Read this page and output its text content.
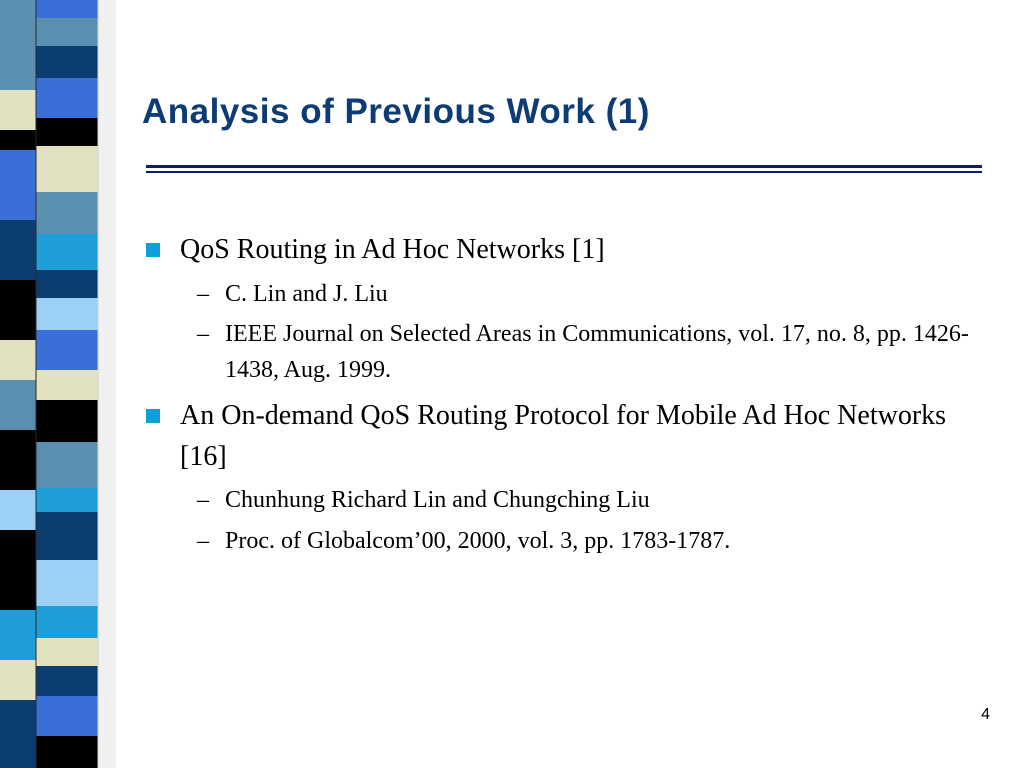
Analysis of Previous Work (1)
QoS Routing in Ad Hoc Networks [1]
– C. Lin and J. Liu
– IEEE Journal on Selected Areas in Communications, vol. 17, no. 8, pp. 1426-1438, Aug. 1999.
An On-demand QoS Routing Protocol for Mobile Ad Hoc Networks [16]
– Chunhung Richard Lin and Chungching Liu
– Proc. of Globalcom’00, 2000, vol. 3, pp. 1783-1787.
4
